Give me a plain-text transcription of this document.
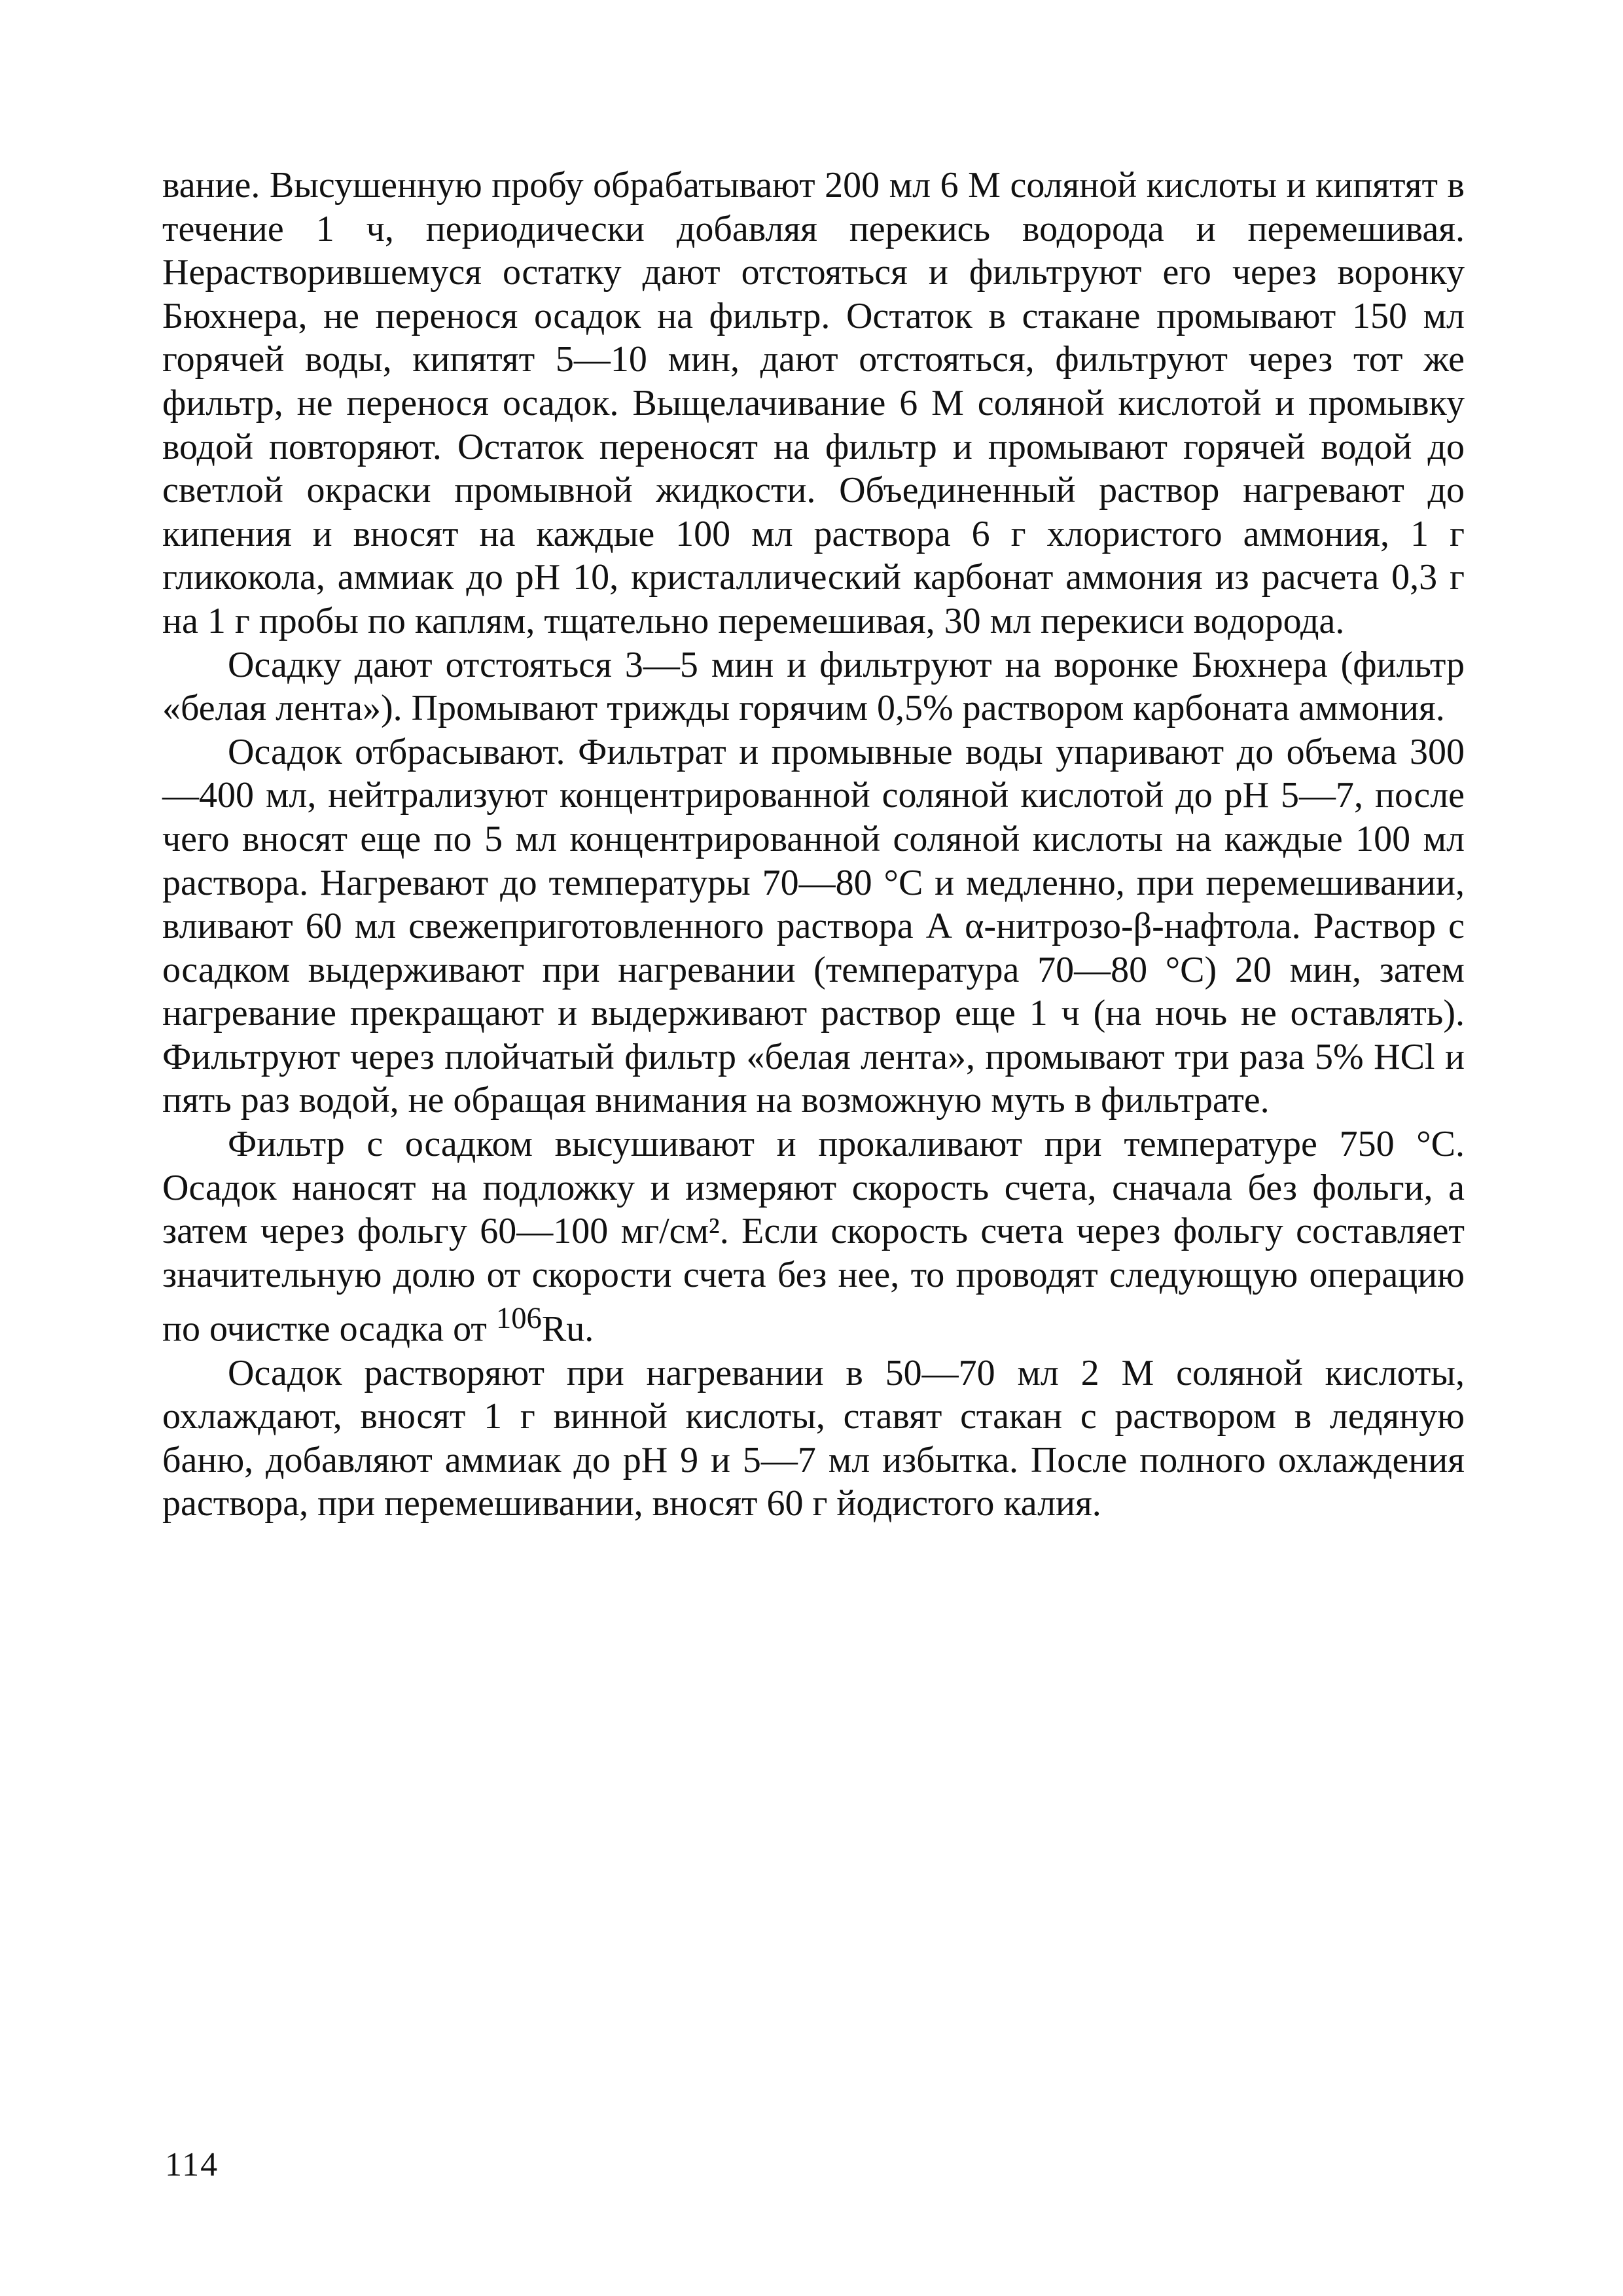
вание. Высушенную пробу обрабатывают 200 мл 6 М соляной кислоты и кипятят в течение 1 ч, периодически добавляя перекись водорода и перемешивая. Нерастворившемуся остатку дают отстояться и фильтруют его через воронку Бюхнера, не перенося осадок на фильтр. Остаток в стакане промывают 150 мл горячей воды, кипятят 5—10 мин, дают отстояться, фильтруют через тот же фильтр, не перенося осадок. Выщелачивание 6 М соляной кислотой и промывку водой повторяют. Остаток переносят на фильтр и промывают горячей водой до светлой окраски промывной жидкости. Объединенный раствор нагревают до кипения и вносят на каждые 100 мл раствора 6 г хлористого аммония, 1 г гликокола, аммиак до pH 10, кристаллический карбонат аммония из расчета 0,3 г на 1 г пробы по каплям, тщательно перемешивая, 30 мл перекиси водорода.

Осадку дают отстояться 3—5 мин и фильтруют на воронке Бюхнера (фильтр «белая лента»). Промывают трижды горячим 0,5% раствором карбоната аммония.

Осадок отбрасывают. Фильтрат и промывные воды упаривают до объема 300—400 мл, нейтрализуют концентрированной соляной кислотой до pH 5—7, после чего вносят еще по 5 мл концентрированной соляной кислоты на каждые 100 мл раствора. Нагревают до температуры 70—80 °С и медленно, при перемешивании, вливают 60 мл свежеприготовленного раствора А α-нитрозо-β-нафтола. Раствор с осадком выдерживают при нагревании (температура 70—80 °С) 20 мин, затем нагревание прекращают и выдерживают раствор еще 1 ч (на ночь не оставлять). Фильтруют через плойчатый фильтр «белая лента», промывают три раза 5% HCl и пять раз водой, не обращая внимания на возможную муть в фильтрате.

Фильтр с осадком высушивают и прокаливают при температуре 750 °С. Осадок наносят на подложку и измеряют скорость счета, сначала без фольги, а затем через фольгу 60—100 мг/см². Если скорость счета через фольгу составляет значительную долю от скорости счета без нее, то проводят следующую операцию по очистке осадка от $^{106}$Ru.

Осадок растворяют при нагревании в 50—70 мл 2 М соляной кислоты, охлаждают, вносят 1 г винной кислоты, ставят стакан с раствором в ледяную баню, добавляют аммиак до pH 9 и 5—7 мл избытка. После полного охлаждения раствора, при перемешивании, вносят 60 г йодистого калия.

114
